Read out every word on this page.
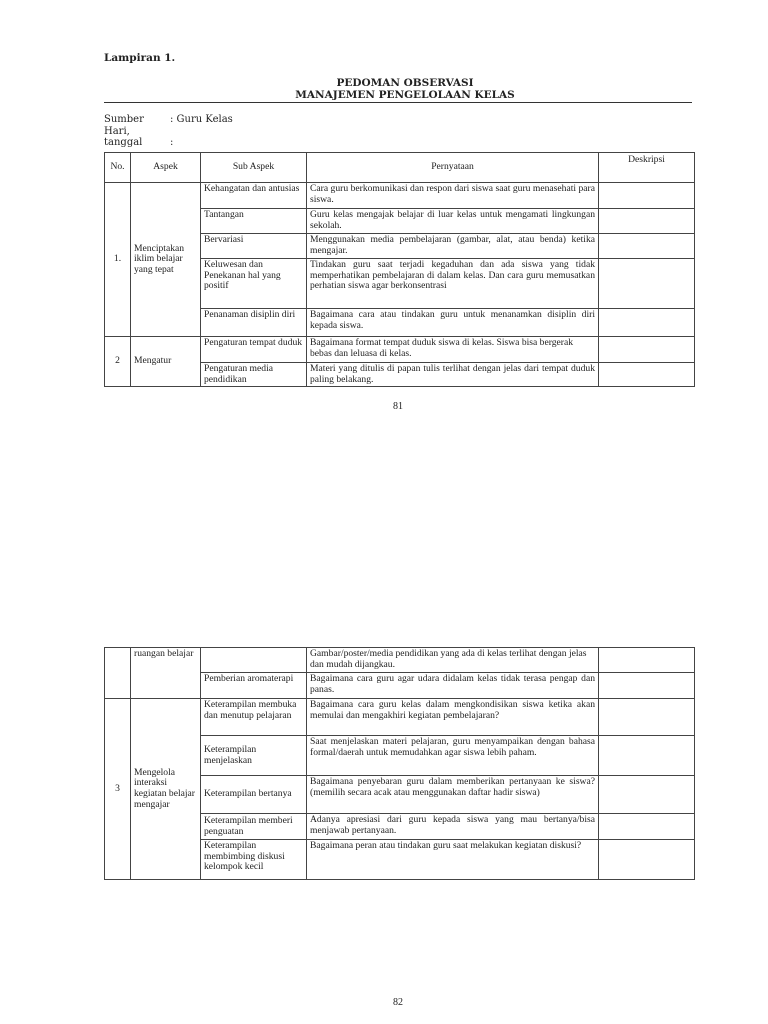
Lampiran 1.
PEDOMAN OBSERVASI
MANAJEMEN PENGELOLAAN KELAS
Sumber	: Guru Kelas
Hari, tanggal	:
No.	Aspek	Sub Aspek	Pernyataan	Deskripsi
1.	Menciptakan iklim belajar yang tepat	Kehangatan dan antusias	Cara guru berkomunikasi dan respon dari siswa saat guru menasehati para siswa.	
		Tantangan	Guru kelas mengajak belajar di luar kelas untuk mengamati lingkungan sekolah.	
		Bervariasi	Menggunakan media pembelajaran (gambar, alat, atau benda) ketika mengajar.	
		Keluwesan dan Penekanan hal yang positif	Tindakan guru saat terjadi kegaduhan dan ada siswa yang tidak memperhatikan pembelajaran di dalam kelas. Dan cara guru memusatkan perhatian siswa agar berkonsentrasi	
		Penanaman disiplin diri	Bagaimana cara atau tindakan guru untuk menanamkan disiplin diri kepada siswa.	
2	Mengatur	Pengaturan tempat duduk	Bagaimana format tempat duduk siswa di kelas. Siswa bisa bergerak bebas dan leluasa di kelas.	
		Pengaturan media pendidikan	Materi yang ditulis di papan tulis terlihat dengan jelas dari tempat duduk paling belakang.	
81
	ruangan belajar		Gambar/poster/media pendidikan yang ada di kelas terlihat dengan jelas dan mudah dijangkau.	
		Pemberian aromaterapi	Bagaimana cara guru agar udara didalam kelas tidak terasa pengap dan panas.	
3	Mengelola interaksi kegiatan belajar mengajar	Keterampilan membuka dan menutup pelajaran	Bagaimana cara guru kelas dalam mengkondisikan siswa ketika akan memulai dan mengakhiri kegiatan pembelajaran?	
		Keterampilan menjelaskan	Saat menjelaskan materi pelajaran, guru menyampaikan dengan bahasa formal/daerah untuk memudahkan agar siswa lebih paham.	
		Keterampilan bertanya	Bagaimana penyebaran guru dalam memberikan pertanyaan ke siswa? (memilih secara acak atau menggunakan daftar hadir siswa)	
		Keterampilan memberi penguatan	Adanya apresiasi dari guru kepada siswa yang mau bertanya/bisa menjawab pertanyaan.	
		Keterampilan membimbing diskusi kelompok kecil	Bagaimana peran atau tindakan guru saat melakukan kegiatan diskusi?	
82
